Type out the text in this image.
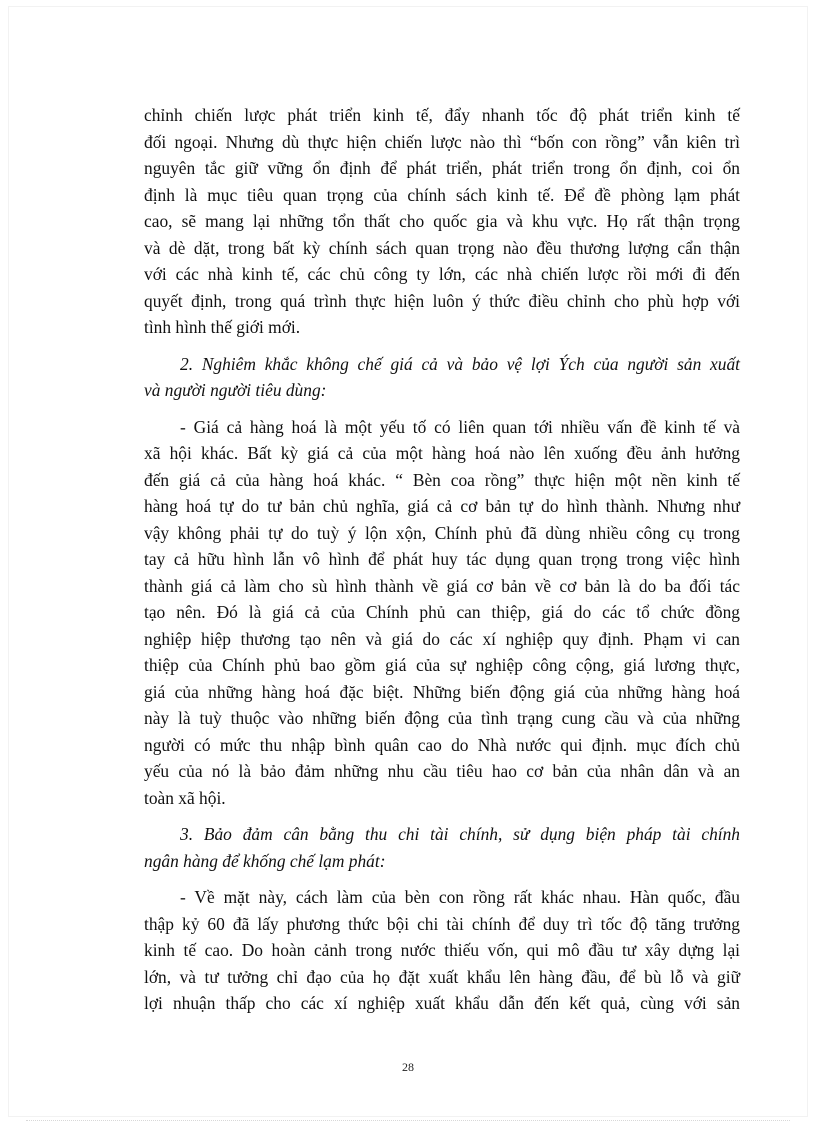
chỉnh chiến lược phát triển kinh tế, đẩy nhanh tốc độ phát triển kinh tế

đối ngoại. Nhưng dù thực hiện chiến lược nào thì “bốn con rồng” vẫn kiên trì

nguyên tắc giữ vững ổn định để phát triển, phát triển trong ổn định, coi ổn

định là mục tiêu quan trọng của chính sách kinh tế. Để đề phòng lạm phát

cao, sẽ mang lại những tổn thất cho quốc gia và khu vực. Họ rất thận trọng

và dè dặt, trong bất kỳ chính sách quan trọng nào đều thương lượng cẩn thận

với các nhà kinh tế, các chủ công ty lớn, các nhà chiến lược rồi mới đi đến

quyết định, trong quá trình thực hiện luôn ý thức điều chỉnh cho phù hợp với

tình hình thế giới mới.

2. Nghiêm khắc không chế giá cả và bảo vệ lợi Ých của người sản xuất

và người người tiêu dùng:

- Giá cả hàng hoá là một yếu tố có liên quan tới nhiều vấn đề kinh tế và

xã hội khác. Bất kỳ giá cả của một hàng hoá nào lên xuống đều ảnh hưởng

đến giá cả của hàng hoá khác. “ Bèn coa rồng” thực hiện một nền kinh tế

hàng hoá tự do tư bản chủ nghĩa, giá cả cơ bản tự do hình thành. Nhưng như

vậy không phải tự do tuỳ ý lộn xộn, Chính phủ đã dùng nhiều công cụ trong

tay cả hữu hình lẫn vô hình để phát huy tác dụng quan trọng trong việc hình

thành giá cả làm cho sù hình thành về giá cơ bản về cơ bản là do ba đối tác

tạo nên. Đó là giá cả của Chính phủ can thiệp, giá do các tổ chức đồng

nghiệp hiệp thương tạo nên và giá do các xí nghiệp quy định. Phạm vi can

thiệp của Chính phủ bao gồm giá của sự nghiệp công cộng, giá lương thực,

giá của những hàng hoá đặc biệt. Những biến động giá của những hàng hoá

này là tuỳ thuộc vào những biến động của tình trạng cung cầu và của những

người có mức thu nhập bình quân cao do Nhà nước qui định. mục đích chủ

yếu của nó là bảo đảm những nhu cầu tiêu hao cơ bản của nhân dân và an

toàn xã hội.

3. Bảo đảm cân bằng thu chi tài chính, sử dụng biện pháp tài chính

ngân hàng để khống chế lạm phát:

- Về mặt này, cách làm của bèn con rồng rất khác nhau. Hàn quốc, đầu

thập kỷ 60 đã lấy phương thức bội chi tài chính để duy trì tốc độ tăng trưởng

kinh tế cao. Do hoàn cảnh trong nước thiếu vốn, qui mô đầu tư xây dựng lại

lớn, và tư tưởng chỉ đạo của họ đặt xuất khẩu lên hàng đầu, để bù lỗ và giữ

lợi nhuận thấp cho các xí nghiệp xuất khẩu dẫn đến kết quả, cùng với sản

28
